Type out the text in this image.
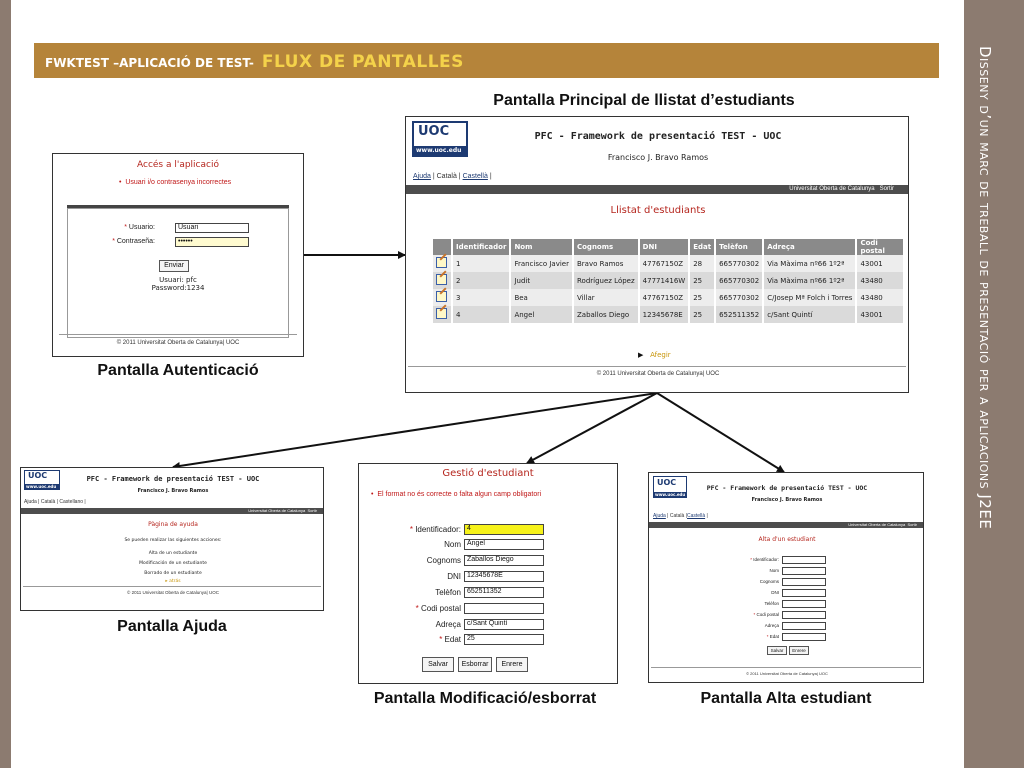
Disseny d’un marc de treball de presentació per a aplicacions J2EE
FWKTEST –APLICACIÓ DE TEST- FLUX DE PANTALLES
Pantalla Principal de llistat d’estudiants
Pantalla Autenticació
Pantalla Ajuda
Pantalla Modificació/esborrat	Pantalla Alta estudiant
Accés a l'aplicació
•  Usuari i/o contrasenya incorrectes
* Usuario:	Usuari
* Contraseña:	••••••
Enviar
Usuari: pfc
Password:1234
© 2011 Universitat Oberta de Catalunya| UOC
UOC
www.uoc.edu
PFC - Framework de presentació TEST - UOC
Francisco J. Bravo Ramos
Ajuda | Català | Castellà |
Universitat Oberta de Catalunya Sortir
Llistat d'estudiants
	Identificador	Nom	Cognoms	DNI	Edat	Telèfon	Adreça	Codi postal
	1	Francisco Javier	Bravo Ramos	47767150Z	28	665770302	Via Màxima nº66 1º2ª	43001
	2	Judit	Rodríguez López	47771416W	25	665770302	Via Màxima nº66 1º2ª	43480
	3	Bea	Villar	47767150Z	25	665770302	C/Josep Mª Folch i Torres	43480
	4	Angel	Zaballos Diego	12345678E	25	652511352	c/Sant Quintí	43001
▶ Afegir
© 2011 Universitat Oberta de Catalunya| UOC
UOC
www.uoc.edu
PFC - Framework de presentació TEST - UOC
Francisco J. Bravo Ramos
Ajuda | Català | Castellano |
Universitat Oberta de Catalunya Sortir
Pàgina de ayuda
Se pueden realizar las siguientes acciones:
Alta de un estudiante
Modificación de un estudiante
Borrado de un estudiante
▸ atrás
© 2011 Universitat Oberta de Catalunya| UOC
Gestió d'estudiant
•  El format no és correcte o falta algun camp obligatori
* Identificador: 4
Nom Angel
Cognoms Zaballos Diego
DNI 12345678E
Telèfon 652511352
* Codi postal
Adreça c/Sant Quintí
* Edat 25
Salvar	Esborrar	Enrere
UOC
www.uoc.edu
PFC - Framework de presentació TEST - UOC
Francisco J. Bravo Ramos
Ajuda | Català |Castellà |
Universitat Oberta de Catalunya Sortir
Alta d'un estudiant
* Identificador:
Nom
Cognoms
DNI
Telèfon
* Codi postal
Adreça
* Edat
Salvar	Enrere
© 2011 Universitat Oberta de Catalunya| UOC
